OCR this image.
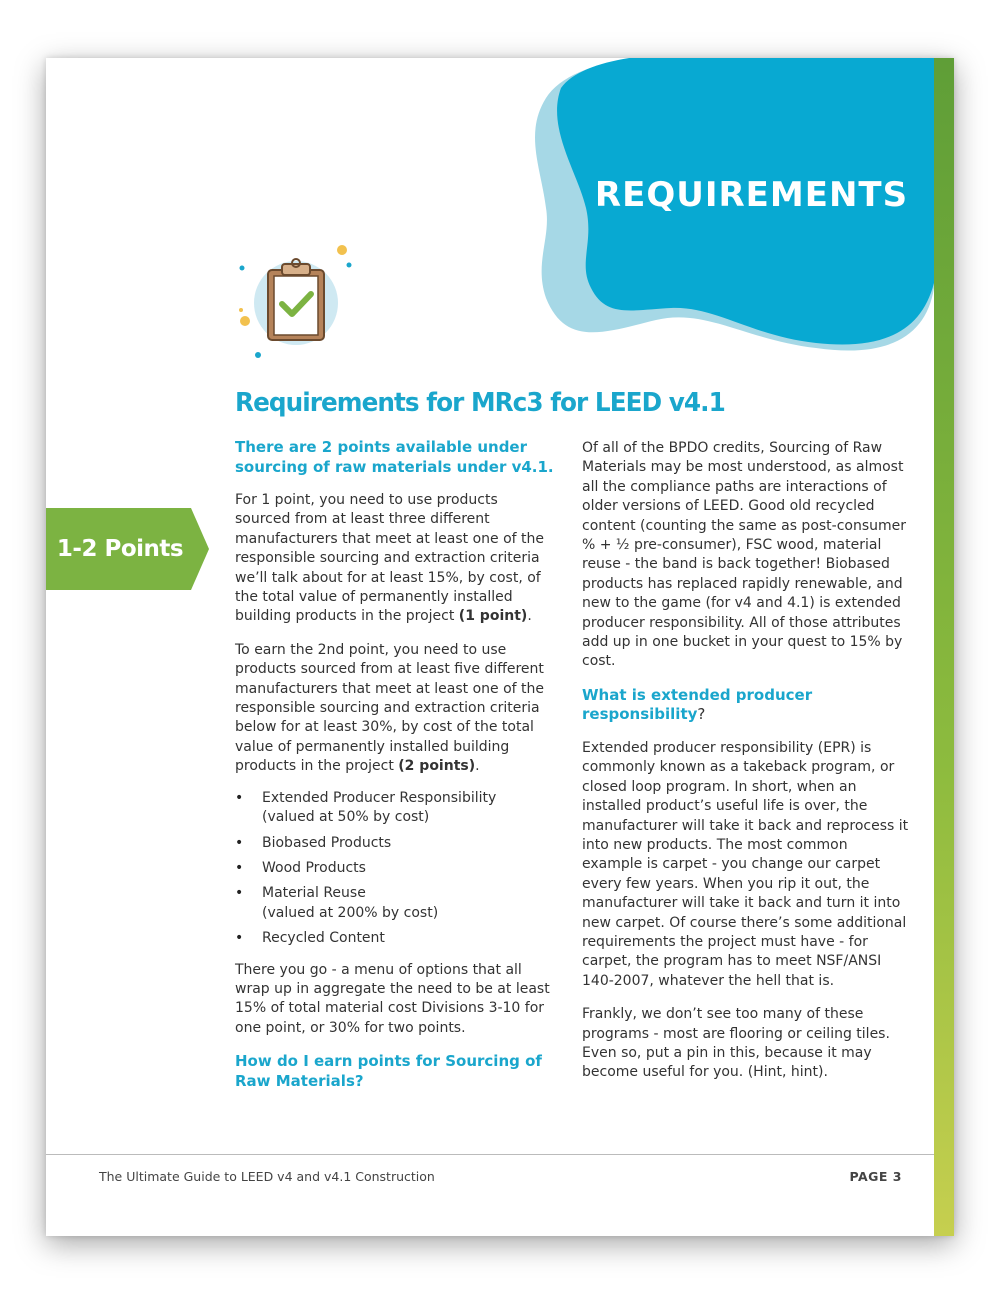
REQUIREMENTS
Requirements for MRc3 for LEED v4.1
1-2 Points
There are 2 points available under sourcing of raw materials under v4.1.

For 1 point, you need to use products sourced from at least three different manufacturers that meet at least one of the responsible sourcing and extraction criteria we’ll talk about for at least 15%, by cost, of the total value of permanently installed building products in the project (1 point).

To earn the 2nd point, you need to use products sourced from at least five different manufacturers that meet at least one of the responsible sourcing and extraction criteria below for at least 30%, by cost of the total value of permanently installed building products in the project (2 points).

• Extended Producer Responsibility
(valued at 50% by cost)
• Biobased Products
• Wood Products
• Material Reuse
(valued at 200% by cost)
• Recycled Content

There you go - a menu of options that all wrap up in aggregate the need to be at least 15% of total material cost Divisions 3-10 for one point, or 30% for two points.

How do I earn points for Sourcing of Raw Materials?

Of all of the BPDO credits, Sourcing of Raw Materials may be most understood, as almost all the compliance paths are interactions of older versions of LEED. Good old recycled content (counting the same as post-consumer % + ½ pre-consumer), FSC wood, material reuse - the band is back together! Biobased products has replaced rapidly renewable, and new to the game (for v4 and 4.1) is extended producer responsibility. All of those attributes add up in one bucket in your quest to 15% by cost.

What is extended producer responsibility?

Extended producer responsibility (EPR) is commonly known as a takeback program, or closed loop program. In short, when an installed product’s useful life is over, the manufacturer will take it back and reprocess it into new products. The most common example is carpet - you change our carpet every few years. When you rip it out, the manufacturer will take it back and turn it into new carpet. Of course there’s some additional requirements the project must have - for carpet, the program has to meet NSF/ANSI 140-2007, whatever the hell that is.

Frankly, we don’t see too many of these programs - most are flooring or ceiling tiles. Even so, put a pin in this, because it may become useful for you. (Hint, hint).

The Ultimate Guide to LEED v4 and v4.1 Construction	PAGE 3
